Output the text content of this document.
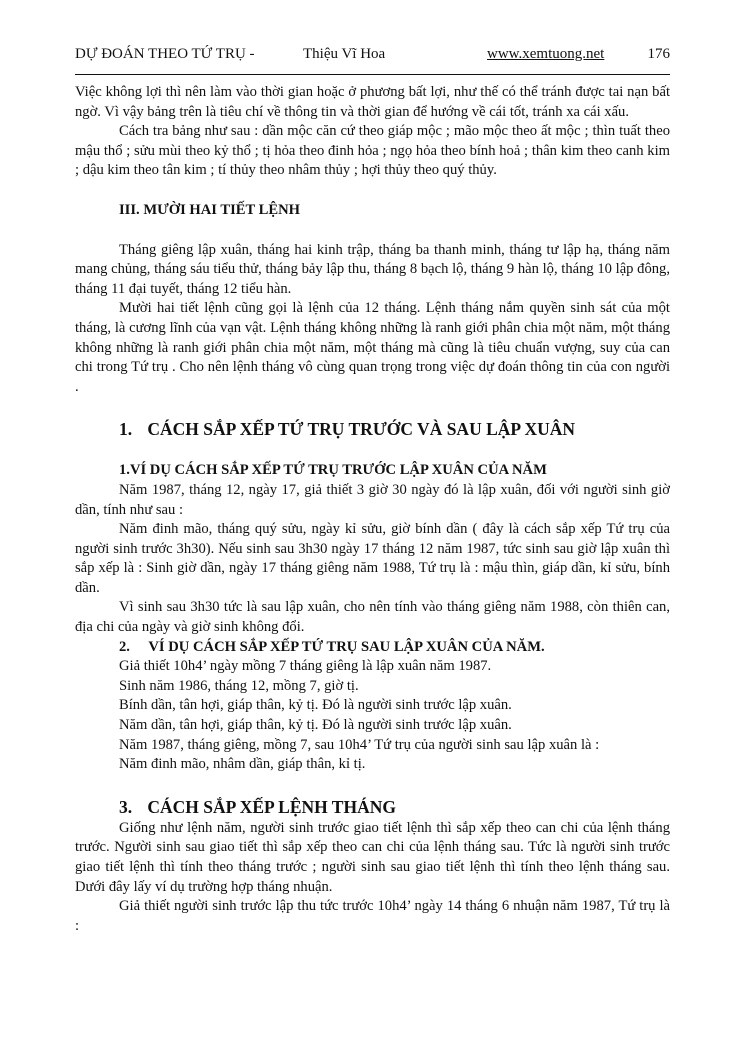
DỰ ĐOÁN THEO TỨ TRỤ -	Thiệu Vĩ Hoa	www.xemtuong.net	176

Việc không lợi thì nên làm vào thời gian hoặc ở phương bất lợi, như thế có thể tránh được tai nạn bất ngờ. Vì vậy bảng trên là tiêu chí về thông tin và thời gian để hướng về cái tốt, tránh xa cái xấu.

Cách tra bảng như sau : dần mộc căn cứ theo giáp mộc ; mão mộc theo ất mộc ; thìn tuất theo mậu thổ ; sửu mùi theo kỷ thổ ; tị hỏa theo đinh hỏa ; ngọ hỏa theo bính hoả ; thân kim theo canh kim ; dậu kim theo tân kim ; tí thủy theo nhâm thủy ; hợi thủy theo quý thủy.

III. MƯỜI HAI TIẾT LỆNH

Tháng giêng lập xuân, tháng hai kinh trập, tháng ba thanh minh, tháng tư lập hạ, tháng năm mang chủng, tháng sáu tiểu thử, tháng bảy lập thu, tháng 8 bạch lộ, tháng 9 hàn lộ, tháng 10 lập đông, tháng 11 đại tuyết, tháng 12 tiểu hàn.

Mười hai tiết lệnh cũng gọi là lệnh của 12 tháng. Lệnh tháng nắm quyền sinh sát của một tháng, là cương lĩnh của vạn vật. Lệnh tháng không những là ranh giới phân chia một năm, một tháng không những là ranh giới phân chia một năm, một tháng mà cũng là tiêu chuẩn vượng, suy của can chi trong Tứ trụ . Cho nên lệnh tháng vô cùng quan trọng trong việc dự đoán thông tin của con người .

1. CÁCH SẮP XẾP TỨ TRỤ TRƯỚC VÀ SAU LẬP XUÂN
1.VÍ DỤ CÁCH SẮP XẾP TỨ TRỤ TRƯỚC LẬP XUÂN CỦA NĂM

Năm 1987, tháng 12, ngày 17, giả thiết 3 giờ 30 ngày đó là lập xuân, đối với người sinh giờ dần, tính như sau :

Năm đinh mão, tháng quý sửu, ngày kỉ sửu, giờ bính dần ( đây là cách sắp xếp Tứ trụ của người sinh trước 3h30). Nếu sinh sau 3h30 ngày 17 tháng 12 năm 1987, tức sinh sau giờ lập xuân thì sắp xếp là : Sinh giờ dần, ngày 17 tháng giêng năm 1988, Tứ trụ là : mậu thìn, giáp dần, kỉ sửu, bính dần.

Vì sinh sau 3h30 tức là sau lập xuân, cho nên tính vào tháng giêng năm 1988, còn thiên can, địa chi của ngày và giờ sinh không đổi.

2. VÍ DỤ CÁCH SẮP XẾP TỨ TRỤ SAU LẬP XUÂN CỦA NĂM.

Giả thiết 10h4’ ngày mồng 7 tháng giêng là lập xuân năm 1987.

Sinh năm 1986, tháng 12, mồng 7, giờ tị.

Bính dần, tân hợi, giáp thân, kỷ tị. Đó là người sinh trước lập xuân.

Năm dần, tân hợi, giáp thân, kỷ tị. Đó là người sinh trước lập xuân.

Năm 1987, tháng giêng, mồng 7, sau 10h4’ Tứ trụ của người sinh sau lập xuân là :

Năm đinh mão, nhâm dần, giáp thân, kỉ tị.

3. CÁCH SẮP XẾP LỆNH THÁNG

Giống như lệnh năm, người sinh trước giao tiết lệnh thì sắp xếp theo can chi của lệnh tháng trước. Người sinh sau giao tiết thì sắp xếp theo can chi của lệnh tháng sau. Tức là người sinh trước giao tiết lệnh thì tính theo tháng trước ; người sinh sau giao tiết lệnh thì tính theo lệnh tháng sau. Dưới đây lấy ví dụ trường hợp tháng nhuận.

Giả thiết người sinh trước lập thu tức trước 10h4’ ngày 14 tháng 6 nhuận năm 1987, Tứ trụ là :
